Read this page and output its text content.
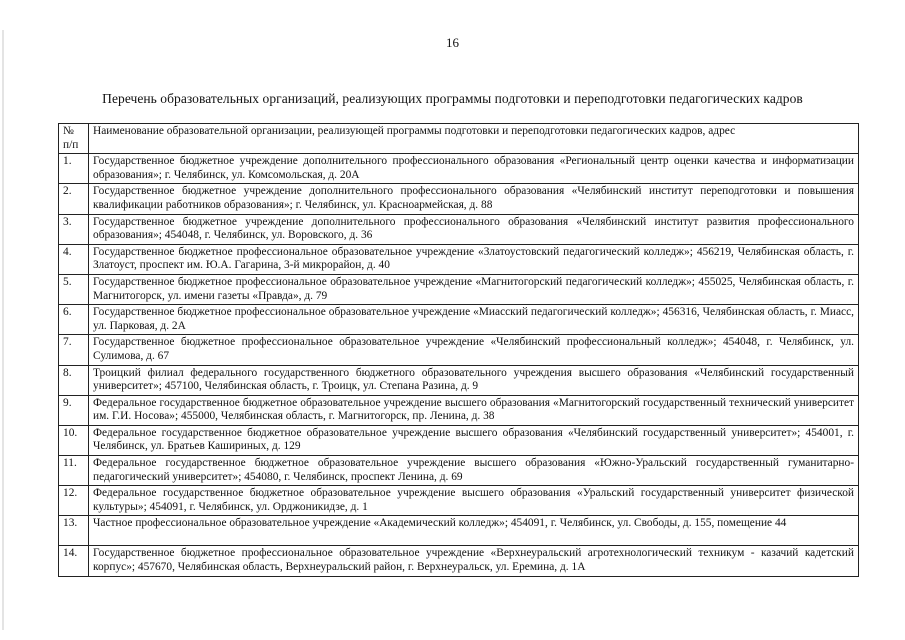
16
Перечень образовательных организаций, реализующих программы подготовки и переподготовки педагогических кадров
№ п/п	Наименование образовательной организации, реализующей программы подготовки и переподготовки педагогических кадров, адрес
1.	Государственное бюджетное учреждение дополнительного профессионального образования «Региональный центр оценки качества и информатизации образования»; г. Челябинск, ул. Комсомольская, д. 20А
2.	Государственное бюджетное учреждение дополнительного профессионального образования «Челябинский институт переподготовки и повышения квалификации работников образования»; г. Челябинск, ул. Красноармейская, д. 88
3.	Государственное бюджетное учреждение дополнительного профессионального образования «Челябинский институт развития профессионального образования»; 454048, г. Челябинск, ул. Воровского, д. 36
4.	Государственное бюджетное профессиональное образовательное учреждение «Златоустовский педагогический колледж»; 456219, Челябинская область, г. Златоуст, проспект им. Ю.А. Гагарина, 3-й микрорайон, д. 40
5.	Государственное бюджетное профессиональное образовательное учреждение «Магнитогорский педагогический колледж»; 455025, Челябинская область, г. Магнитогорск, ул. имени газеты «Правда», д. 79
6.	Государственное бюджетное профессиональное образовательное учреждение «Миасский педагогический колледж»; 456316, Челябинская область, г. Миасс, ул. Парковая, д. 2А
7.	Государственное бюджетное профессиональное образовательное учреждение «Челябинский профессиональный колледж»; 454048, г. Челябинск, ул. Сулимова, д. 67
8.	Троицкий филиал федерального государственного бюджетного образовательного учреждения высшего образования «Челябинский государственный университет»; 457100, Челябинская область, г. Троицк, ул. Степана Разина, д. 9
9.	Федеральное государственное бюджетное образовательное учреждение высшего образования «Магнитогорский государственный технический университет им. Г.И. Носова»; 455000, Челябинская область, г. Магнитогорск, пр. Ленина, д. 38
10.	Федеральное государственное бюджетное образовательное учреждение высшего образования «Челябинский государственный университет»; 454001, г. Челябинск, ул. Братьев Кашириных, д. 129
11.	Федеральное государственное бюджетное образовательное учреждение высшего образования «Южно-Уральский государственный гуманитарно-педагогический университет»; 454080, г. Челябинск, проспект Ленина, д. 69
12.	Федеральное государственное бюджетное образовательное учреждение высшего образования «Уральский государственный университет физической культуры»; 454091, г. Челябинск, ул. Орджоникидзе, д. 1
13.	Частное профессиональное образовательное учреждение «Академический колледж»; 454091, г. Челябинск, ул. Свободы, д. 155, помещение 44
14.	Государственное бюджетное профессиональное образовательное учреждение «Верхнеуральский агротехнологический техникум - казачий кадетский корпус»; 457670, Челябинская область, Верхнеуральский район, г. Верхнеуральск, ул. Еремина, д. 1А
